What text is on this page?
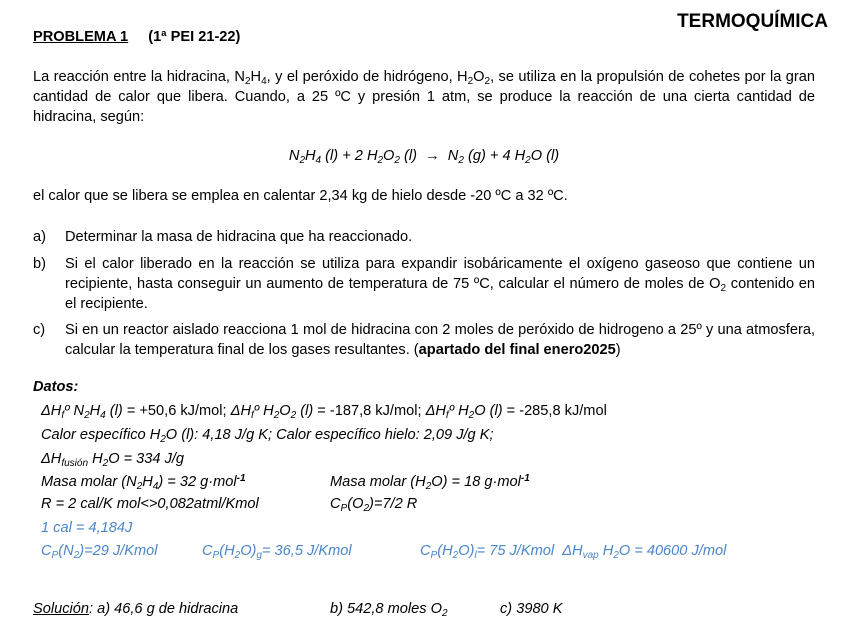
TERMOQUÍMICA
PROBLEMA 1 (1ª PEI 21-22)
La reacción entre la hidracina, $N_2H_4$, y el peróxido de hidrógeno, $H_2O_2$, se utiliza en la propulsión de cohetes por la gran cantidad de calor que libera. Cuando, a 25 ºC y presión 1 atm, se produce la reacción de una cierta cantidad de hidracina, según:
$N_2H_4$ (l) + 2 $H_2O_2$ $(l) \to N_2$ (g) + 4 $H_2O$ (l)
el calor que se libera se emplea en calentar 2,34 kg de hielo desde -20 ºC a 32 ºC.
a) Determinar la masa de hidracina que ha reaccionado.
b) Si el calor liberado en la reacción se utiliza para expandir isobáricamente el oxígeno gaseoso que contiene un recipiente, hasta conseguir un aumento de temperatura de 75 ºC, calcular el número de moles de $O_2$ contenido en el recipiente.
c) Si en un reactor aislado reacciona 1 mol de hidracina con 2 moles de peróxido de hidrogeno a 25º y una atmosfera, calcular la temperatura final de los gases resultantes. (apartado del final enero2025)
Datos:
$\Delta H_fº$ $N_2H_4$ (l) = +50,6 kJ/mol; $\Delta H_fº$ $H_2O_2$ (l) = -187,8 kJ/mol; $\Delta H_fº$ $H_2O$ (l) = -285,8 kJ/mol
Calor específico $H_2O$ (l): 4,18 J/g K; Calor específico hielo: 2,09 J/g K;
$\Delta H_{fusión}$ $H_2O = 334$ J/g
Masa molar $(N_2H_4) = 32$ g·mol$^{-1}$	Masa molar $(H_2O) = 18$ g·mol$^{-1}$
R = 2 cal/K mol<>0,082atml/Kmol	$C_P(O_2)=7/2$ R
1 cal = 4,184J
$C_P(N_2)=29$ J/Kmol	$C_P(H_2O)_g= 36,5$ J/Kmol	$C_P(H_2O)_l= 75$ J/Kmol  $\Delta H_{vap}$ $H_2O = 40600$ J/mol
Solución: a) 46,6 g de hidracina	b) 542,8 moles $O_2$	c) 3980 K
